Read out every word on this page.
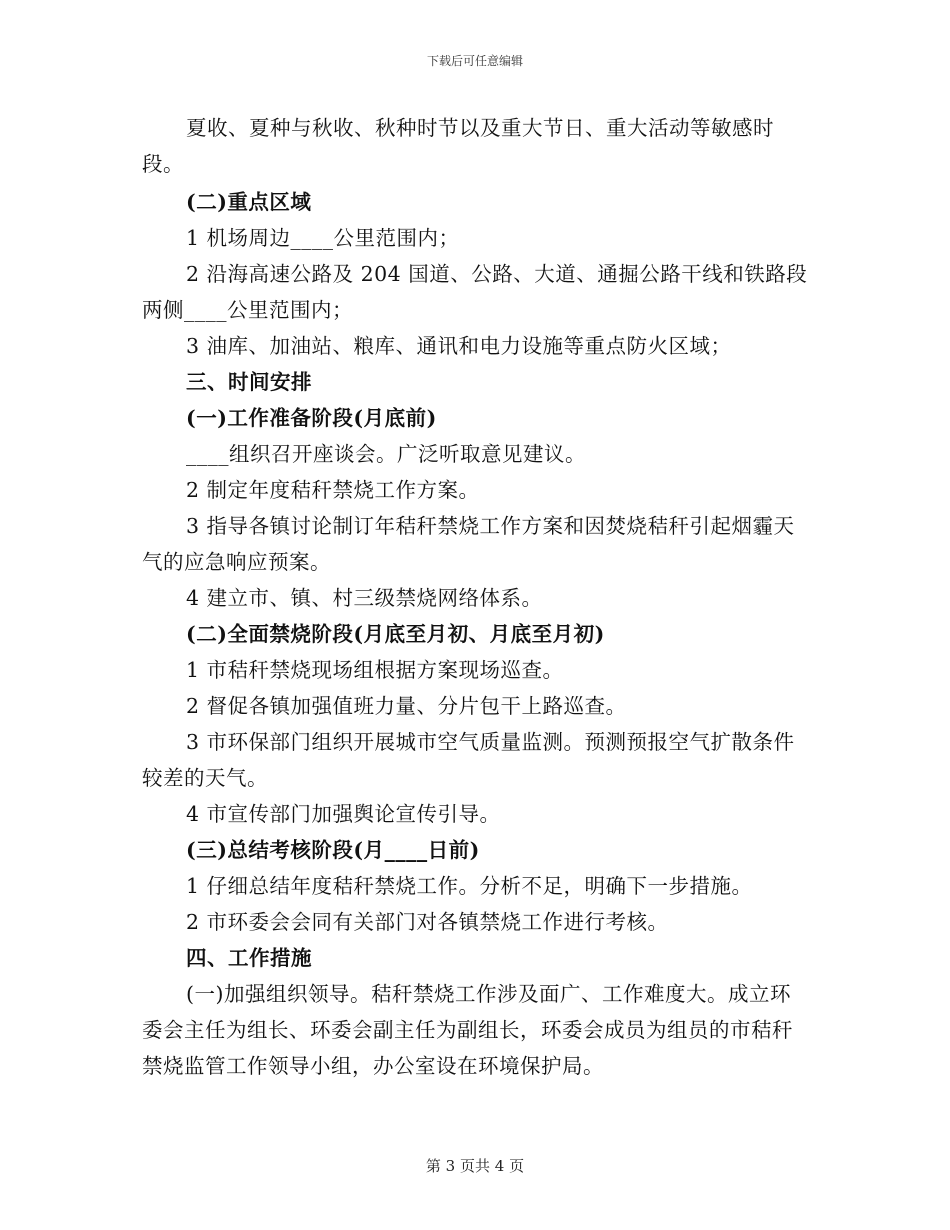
下载后可任意编辑

夏收、夏种与秋收、秋种时节以及重大节日、重大活动等敏感时段。

(二)重点区域

1 机场周边____公里范围内；

2 沿海高速公路及 204 国道、公路、大道、通掘公路干线和铁路段两侧____公里范围内；

3 油库、加油站、粮库、通讯和电力设施等重点防火区域；

三、时间安排

(一)工作准备阶段(月底前)

____组织召开座谈会。广泛听取意见建议。

2 制定年度秸秆禁烧工作方案。

3 指导各镇讨论制订年秸秆禁烧工作方案和因焚烧秸秆引起烟霾天气的应急响应预案。

4 建立市、镇、村三级禁烧网络体系。

(二)全面禁烧阶段(月底至月初、月底至月初)

1 市秸秆禁烧现场组根据方案现场巡查。

2 督促各镇加强值班力量、分片包干上路巡查。

3 市环保部门组织开展城市空气质量监测。预测预报空气扩散条件较差的天气。

4 市宣传部门加强舆论宣传引导。

(三)总结考核阶段(月____日前)

1 仔细总结年度秸秆禁烧工作。分析不足，明确下一步措施。

2 市环委会会同有关部门对各镇禁烧工作进行考核。

四、工作措施

(一)加强组织领导。秸秆禁烧工作涉及面广、工作难度大。成立环委会主任为组长、环委会副主任为副组长，环委会成员为组员的市秸秆禁烧监管工作领导小组，办公室设在环境保护局。

第 3 页共 4 页
